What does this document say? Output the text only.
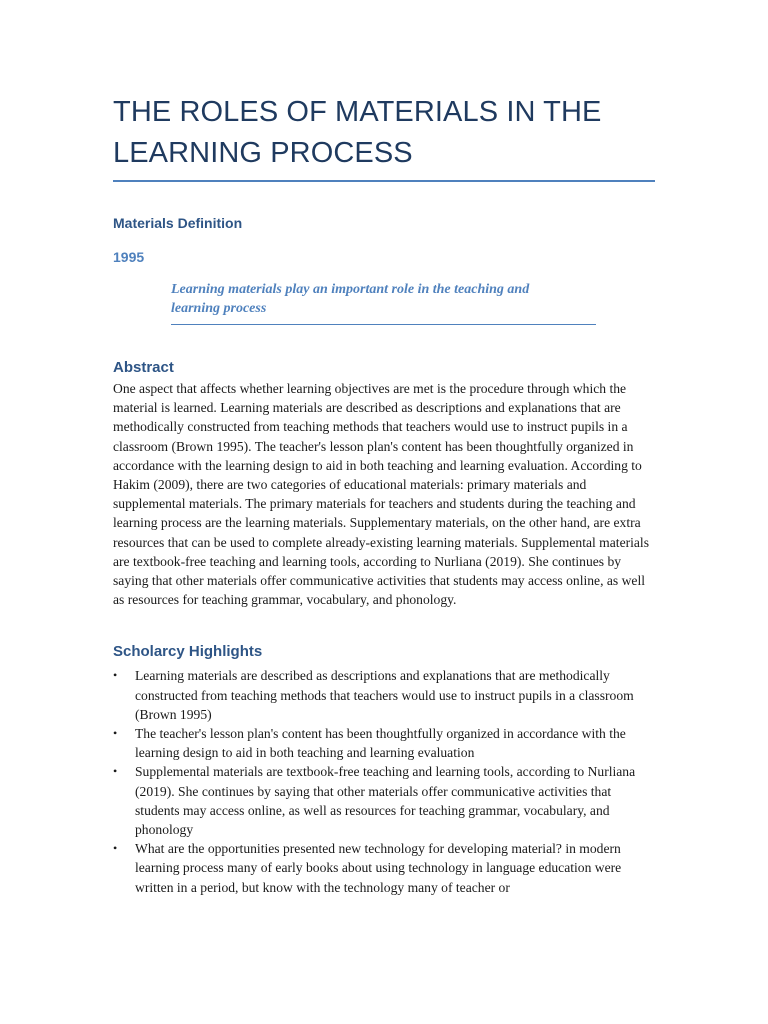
THE ROLES OF MATERIALS IN THE
LEARNING PROCESS
Materials Definition
1995
Learning materials play an important role in the teaching and
learning process
Abstract

One aspect that affects whether learning objectives are met is the procedure through which the material is learned. Learning materials are described as descriptions and explanations that are methodically constructed from teaching methods that teachers would use to instruct pupils in a classroom (Brown 1995). The teacher's lesson plan's content has been thoughtfully organized in accordance with the learning design to aid in both teaching and learning evaluation. According to Hakim (2009), there are two categories of educational materials: primary materials and supplemental materials. The primary materials for teachers and students during the teaching and learning process are the learning materials. Supplementary materials, on the other hand, are extra resources that can be used to complete already-existing learning materials. Supplemental materials are textbook-free teaching and learning tools, according to Nurliana (2019). She continues by saying that other materials offer communicative activities that students may access online, as well as resources for teaching grammar, vocabulary, and phonology.

Scholarcy Highlights
• Learning materials are described as descriptions and explanations that are methodically constructed from teaching methods that teachers would use to instruct pupils in a classroom (Brown 1995)
• The teacher's lesson plan's content has been thoughtfully organized in accordance with the learning design to aid in both teaching and learning evaluation
• Supplemental materials are textbook-free teaching and learning tools, according to Nurliana (2019). She continues by saying that other materials offer communicative activities that students may access online, as well as resources for teaching grammar, vocabulary, and phonology
• What are the opportunities presented new technology for developing material? in modern learning process many of early books about using technology in language education were written in a period, but know with the technology many of teacher or
